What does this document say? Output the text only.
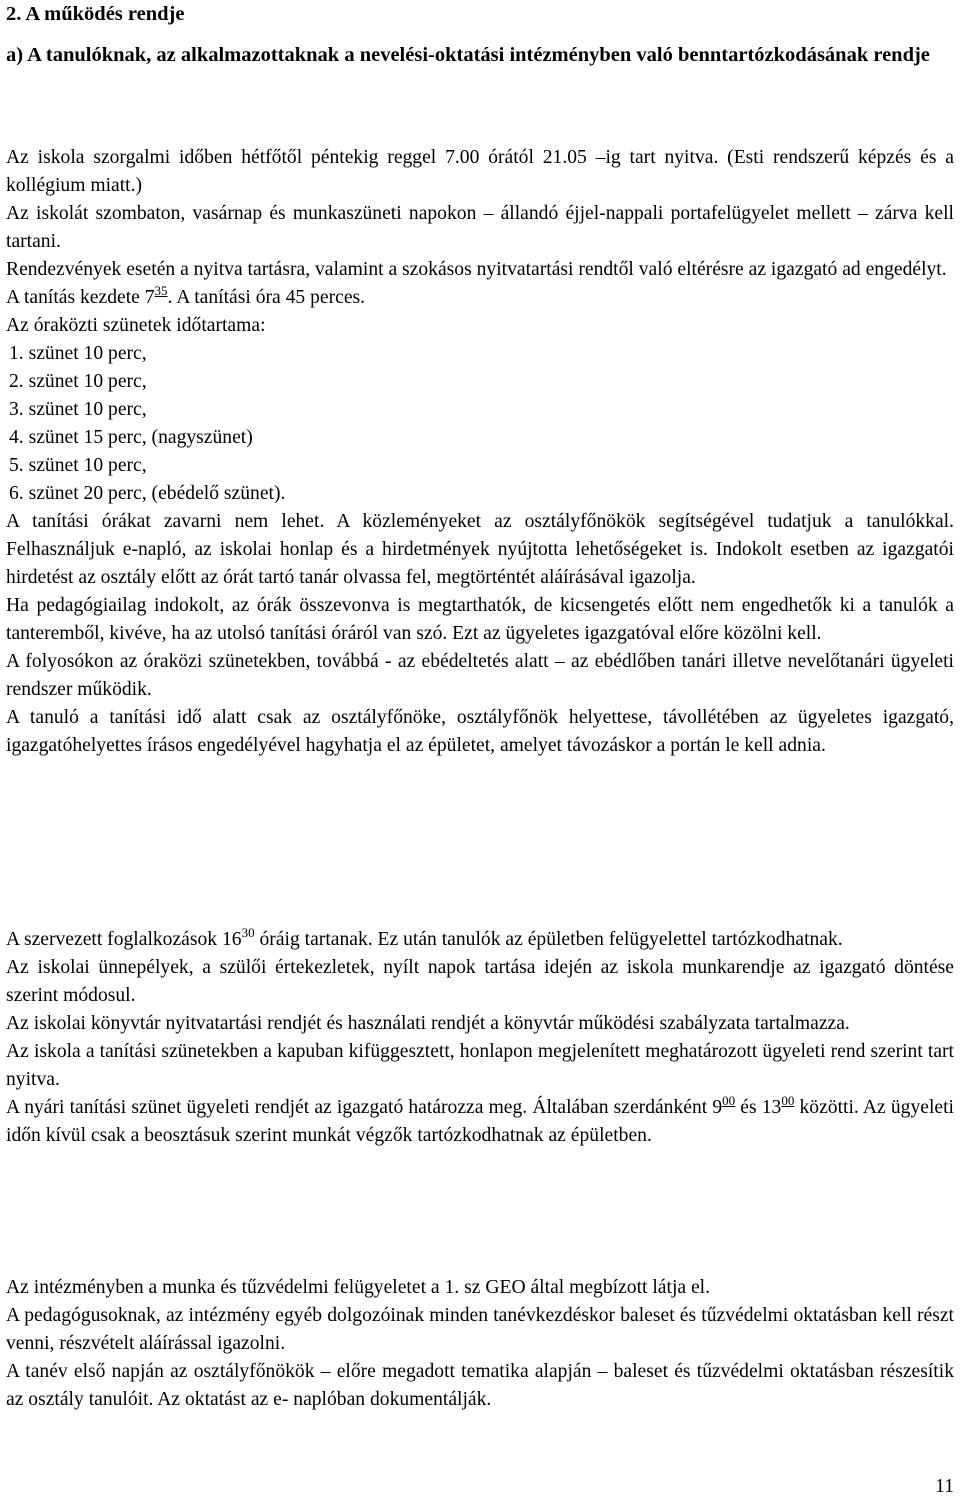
2. A működés rendje
a) A tanulóknak, az alkalmazottaknak a nevelési-oktatási intézményben való benntartózkodásának rendje

Az iskola szorgalmi időben hétfőtől péntekig reggel 7.00 órától 21.05 –ig tart nyitva. (Esti rendszerű képzés és a kollégium miatt.)

Az iskolát szombaton, vasárnap és munkaszüneti napokon – állandó éjjel-nappali portafelügyelet mellett – zárva kell tartani.

Rendezvények esetén a nyitva tartásra, valamint a szokásos nyitvatartási rendtől való eltérésre az igazgató ad engedélyt.

A tanítás kezdete $7^{35}$. A tanítási óra 45 perces.

Az óraközti szünetek időtartama:

1. szünet 10 perc,
2. szünet 10 perc,
3. szünet 10 perc,
4. szünet 15 perc, (nagyszünet)
5. szünet 10 perc,
6. szünet 20 perc, (ebédelő szünet).

A tanítási órákat zavarni nem lehet. A közleményeket az osztályfőnökök segítségével tudatjuk a tanulókkal. Felhasználjuk e-napló, az iskolai honlap és a hirdetmények nyújtotta lehetőségeket is. Indokolt esetben az igazgatói hirdetést az osztály előtt az órát tartó tanár olvassa fel, megtörténtét aláírásával igazolja.

Ha pedagógiailag indokolt, az órák összevonva is megtarthatók, de kicsengetés előtt nem engedhetők ki a tanulók a tanteremből, kivéve, ha az utolsó tanítási óráról van szó. Ezt az ügyeletes igazgatóval előre közölni kell.

A folyosókon az óraközi szünetekben, továbbá - az ebédeltetés alatt – az ebédlőben tanári illetve nevelőtanári ügyeleti rendszer működik.

A tanuló a tanítási idő alatt csak az osztályfőnöke, osztályfőnök helyettese, távollétében az ügyeletes igazgató, igazgatóhelyettes írásos engedélyével hagyhatja el az épületet, amelyet távozáskor a portán le kell adnia.

A szervezett foglalkozások $16^{30}$ óráig tartanak. Ez után tanulók az épületben felügyelettel tartózkodhatnak.

Az iskolai ünnepélyek, a szülői értekezletek, nyílt napok tartása idején az iskola munkarendje az igazgató döntése szerint módosul.

Az iskolai könyvtár nyitvatartási rendjét és használati rendjét a könyvtár működési szabályzata tartalmazza.

Az iskola a tanítási szünetekben a kapuban kifüggesztett, honlapon megjelenített meghatározott ügyeleti rend szerint tart nyitva.

A nyári tanítási szünet ügyeleti rendjét az igazgató határozza meg. Általában szerdánként $9^{00}$ és $13^{00}$ közötti. Az ügyeleti időn kívül csak a beosztásuk szerint munkát végzők tartózkodhatnak az épületben.

Az intézményben a munka és tűzvédelmi felügyeletet a 1. sz GEO által megbízott látja el.

A pedagógusoknak, az intézmény egyéb dolgozóinak minden tanévkezdéskor baleset és tűzvédelmi oktatásban kell részt venni, részvételt aláírással igazolni.

A tanév első napján az osztályfőnökök – előre megadott tematika alapján – baleset és tűzvédelmi oktatásban részesítik az osztály tanulóit. Az oktatást az e- naplóban dokumentálják.

11
